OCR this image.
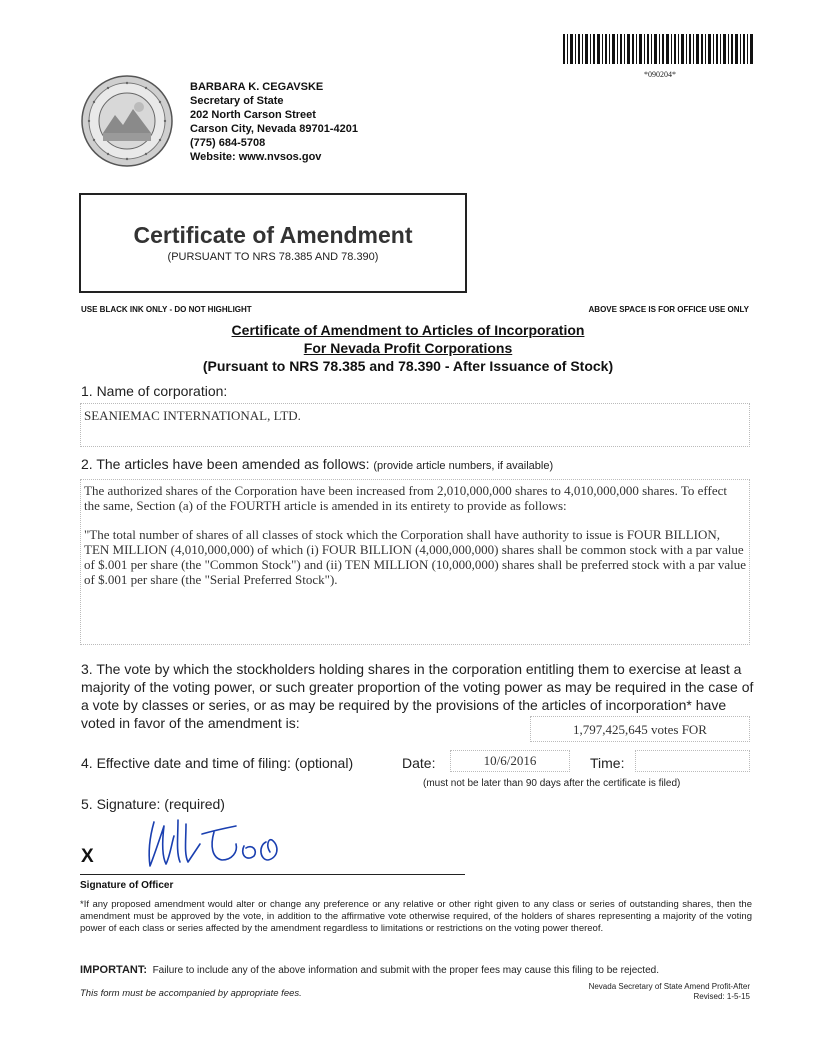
*090204*
BARBARA K. CEGAVSKE
Secretary of State
202 North Carson Street
Carson City, Nevada 89701-4201
(775) 684-5708
Website: www.nvsos.gov
Certificate of Amendment
(PURSUANT TO NRS 78.385 AND 78.390)
USE BLACK INK ONLY - DO NOT HIGHLIGHT	ABOVE SPACE IS FOR OFFICE USE ONLY
Certificate of Amendment to Articles of Incorporation
For Nevada Profit Corporations
(Pursuant to NRS 78.385 and 78.390 - After Issuance of Stock)
1. Name of corporation:
SEANIEMAC INTERNATIONAL, LTD.
2. The articles have been amended as follows: (provide article numbers, if available)

The authorized shares of the Corporation have been increased from 2,010,000,000 shares to 4,010,000,000 shares. To effect the same, Section (a) of the FOURTH article is amended in its entirety to provide as follows:

"The total number of shares of all classes of stock which the Corporation shall have authority to issue is FOUR BILLION, TEN MILLION (4,010,000,000) of which (i) FOUR BILLION (4,000,000,000) shares shall be common stock with a par value of $.001 per share (the "Common Stock") and (ii) TEN MILLION (10,000,000) shares shall be preferred stock with a par value of $.001 per share (the "Serial Preferred Stock").

3. The vote by which the stockholders holding shares in the corporation entitling them to exercise at least a majority of the voting power, or such greater proportion of the voting power as may be required in the case of a vote by classes or series, or as may be required by the provisions of the articles of incorporation* have voted in favor of the amendment is:	1,797,425,645 votes FOR
4. Effective date and time of filing: (optional)	Date:	10/6/2016	Time:
(must not be later than 90 days after the certificate is filed)
5. Signature: (required)
X
Signature of Officer
*If any proposed amendment would alter or change any preference or any relative or other right given to any class or series of outstanding shares, then the amendment must be approved by the vote, in addition to the affirmative vote otherwise required, of the holders of shares representing a majority of the voting power of each class or series affected by the amendment regardless to limitations or restrictions on the voting power thereof.
IMPORTANT: Failure to include any of the above information and submit with the proper fees may cause this filing to be rejected.
This form must be accompanied by appropriate fees.
Nevada Secretary of State Amend Profit-After
Revised: 1-5-15
